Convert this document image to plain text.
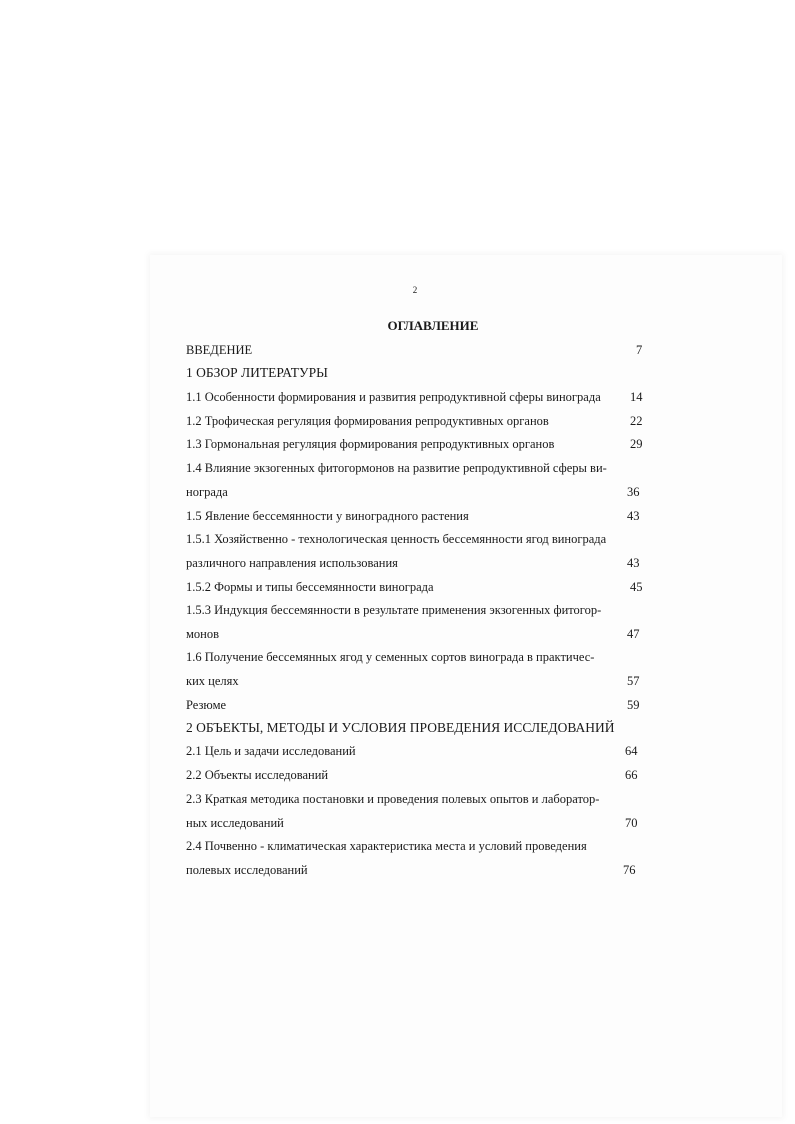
2
ОГЛАВЛЕНИЕ
ВВЕДЕНИЕ	7
1 ОБЗОР ЛИТЕРАТУРЫ
1.1 Особенности формирования и развития репродуктивной сферы винограда 14
1.2 Трофическая регуляция формирования репродуктивных органов	22
1.3 Гормональная регуляция формирования репродуктивных органов	29
1.4 Влияние экзогенных фитогормонов на развитие репродуктивной сферы ви-
нограда	36
1.5 Явление бессемянности у виноградного растения	43
1.5.1 Хозяйственно - технологическая ценность бессемянности ягод винограда
различного направления использования	43
1.5.2 Формы и типы бессемянности винограда	45
1.5.3 Индукция бессемянности в результате применения экзогенных фитогор-
монов	47
1.6 Получение бессемянных ягод у семенных сортов винограда в практичес-
ких целях	57
Резюме	59
2 ОБЪЕКТЫ, МЕТОДЫ И УСЛОВИЯ ПРОВЕДЕНИЯ ИССЛЕДОВАНИЙ
2.1 Цель и задачи исследований	64
2.2 Объекты исследований	66
2.3 Краткая методика постановки и проведения полевых опытов и лаборатор-
ных исследований	70
2.4 Почвенно - климатическая характеристика места и условий проведения
полевых исследований	76
